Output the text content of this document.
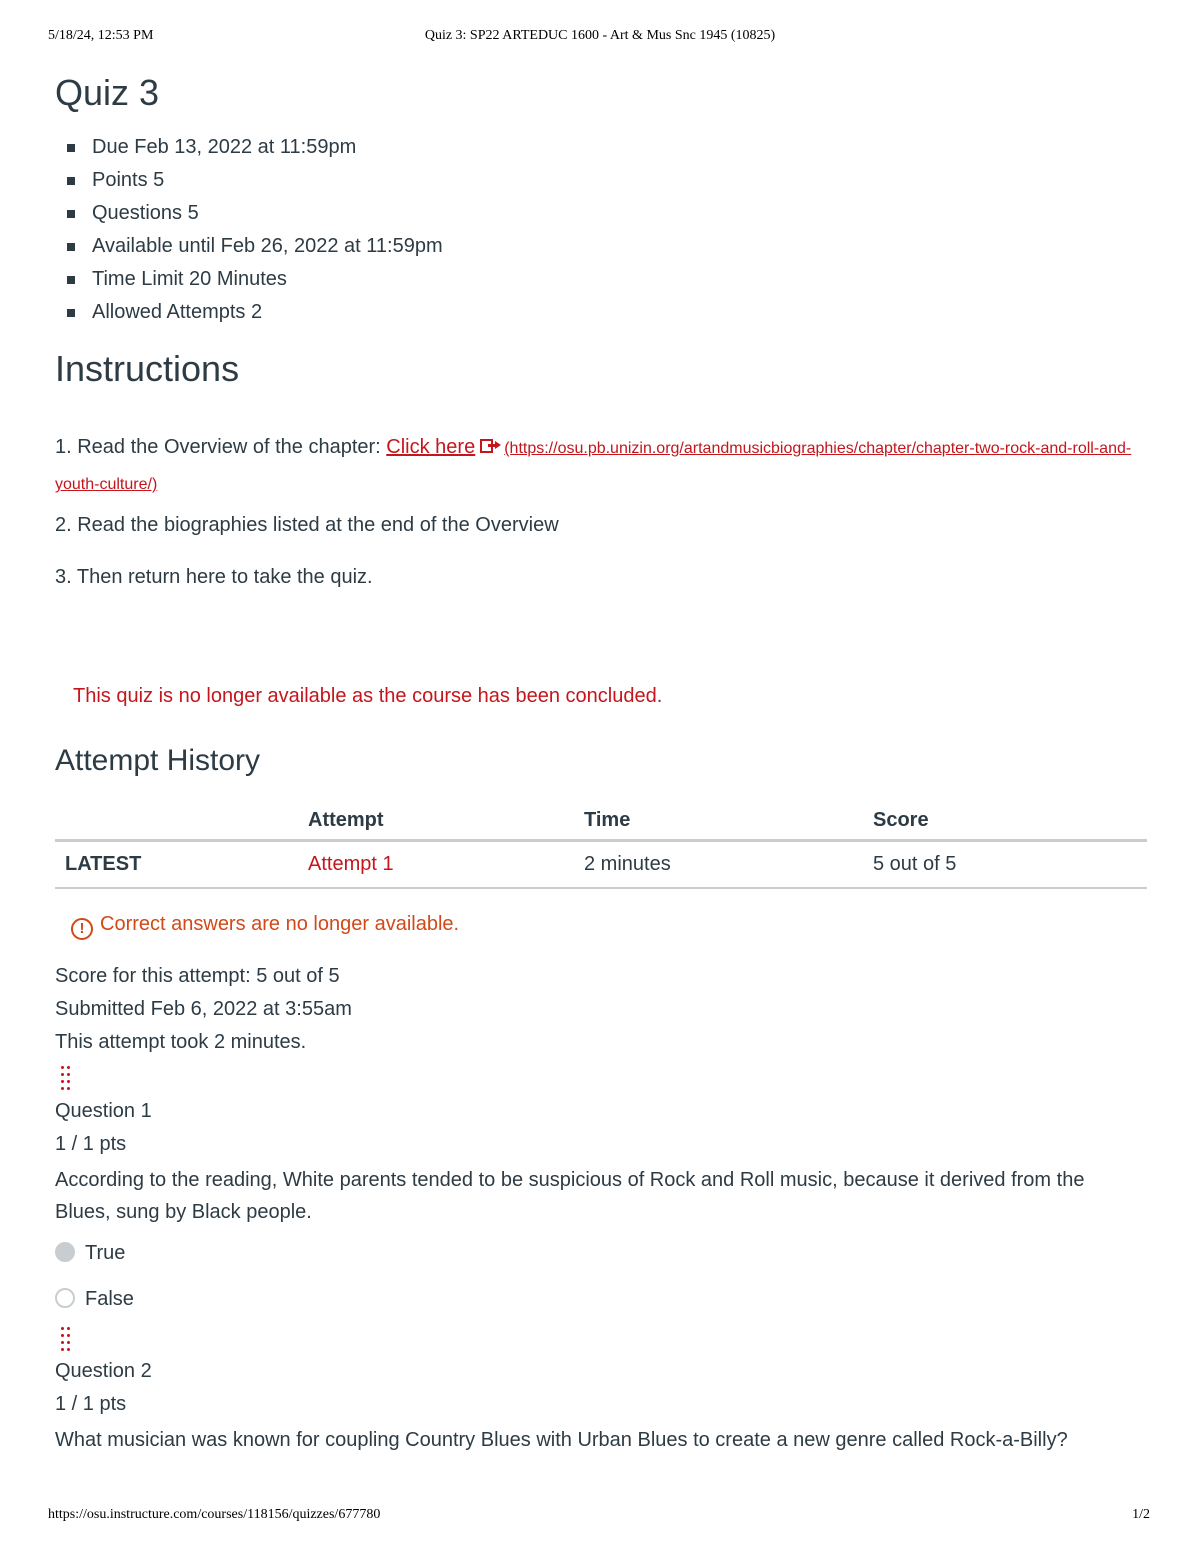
5/18/24, 12:53 PM	Quiz 3: SP22 ARTEDUC 1600 - Art & Mus Snc 1945 (10825)
Quiz 3
Due Feb 13, 2022 at 11:59pm
Points 5
Questions 5
Available until Feb 26, 2022 at 11:59pm
Time Limit 20 Minutes
Allowed Attempts 2
Instructions
1. Read the Overview of the chapter: Click here (https://osu.pb.unizin.org/artandmusicbiographies/chapter/chapter-two-rock-and-roll-and-youth-culture/)
2. Read the biographies listed at the end of the Overview
3. Then return here to take the quiz.
This quiz is no longer available as the course has been concluded.
Attempt History
	Attempt	Time	Score
LATEST	Attempt 1	2 minutes	5 out of 5
! Correct answers are no longer available.
Score for this attempt: 5 out of 5
Submitted Feb 6, 2022 at 3:55am
This attempt took 2 minutes.
Question 1
1 / 1 pts
According to the reading, White parents tended to be suspicious of Rock and Roll music, because it derived from the Blues, sung by Black people.
True
False
Question 2
1 / 1 pts
What musician was known for coupling Country Blues with Urban Blues to create a new genre called Rock-a-Billy?
https://osu.instructure.com/courses/118156/quizzes/677780	1/2
